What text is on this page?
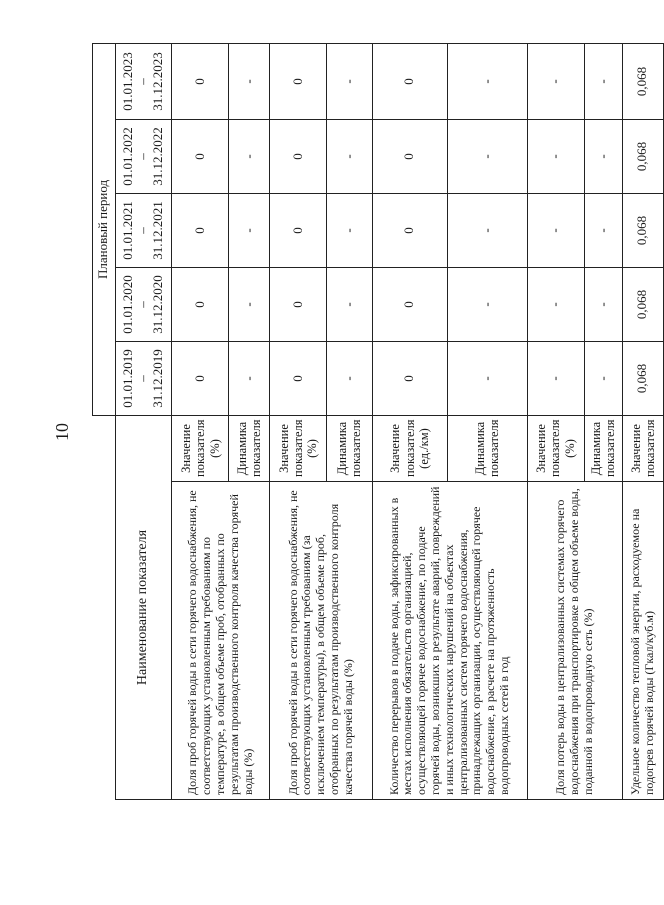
10
		Плановый период				
Наименование показателя		01.01.2019 – 31.12.2019	01.01.2020 – 31.12.2020	01.01.2021 – 31.12.2021	01.01.2022 – 31.12.2022	01.01.2023 – 31.12.2023

Доля проб горячей воды в сети горячего водоснабжения, не соответствующих установленным требованиям по температуре, в общем объеме проб, отобранных по результатам производственного контроля качества горячей воды (%)	Значение показателя (%)	0	0	0	0	0
	Динамика показателя	-	-	-	-	-
Доля проб горячей воды в сети горячего водоснабжения, не соответствующих установленным требованиям (за исключением температуры), в общем объеме проб, отобранных по результатам производственного контроля качества горячей воды (%)	Значение показателя (%)	0	0	0	0	0
	Динамика показателя	-	-	-	-	-
Количество перерывов в подаче воды, зафиксированных в местах исполнения обязательств организацией, осуществляющей горячее водоснабжение, по подаче горячей воды, возникших в результате аварий, повреждений и иных технологических нарушений на объектах централизованных систем горячего водоснабжения, принадлежащих организации, осуществляющей горячее водоснабжение, в расчете на протяженность водопроводных сетей в год	Значение показателя (ед./км)	0	0	0	0	0
	Динамика показателя	-	-	-	-	-
Доля потерь воды в централизованных системах горячего водоснабжения при транспортировке в общем объеме воды, поданной в водопроводную сеть (%)	Значение показателя (%)	-	-	-	-	-
	Динамика показателя	-	-	-	-	-
Удельное количество тепловой энергии, расходуемое на подогрев горячей воды (Гкал/куб.м)	Значение показателя	0,068	0,068	0,068	0,068	0,068
